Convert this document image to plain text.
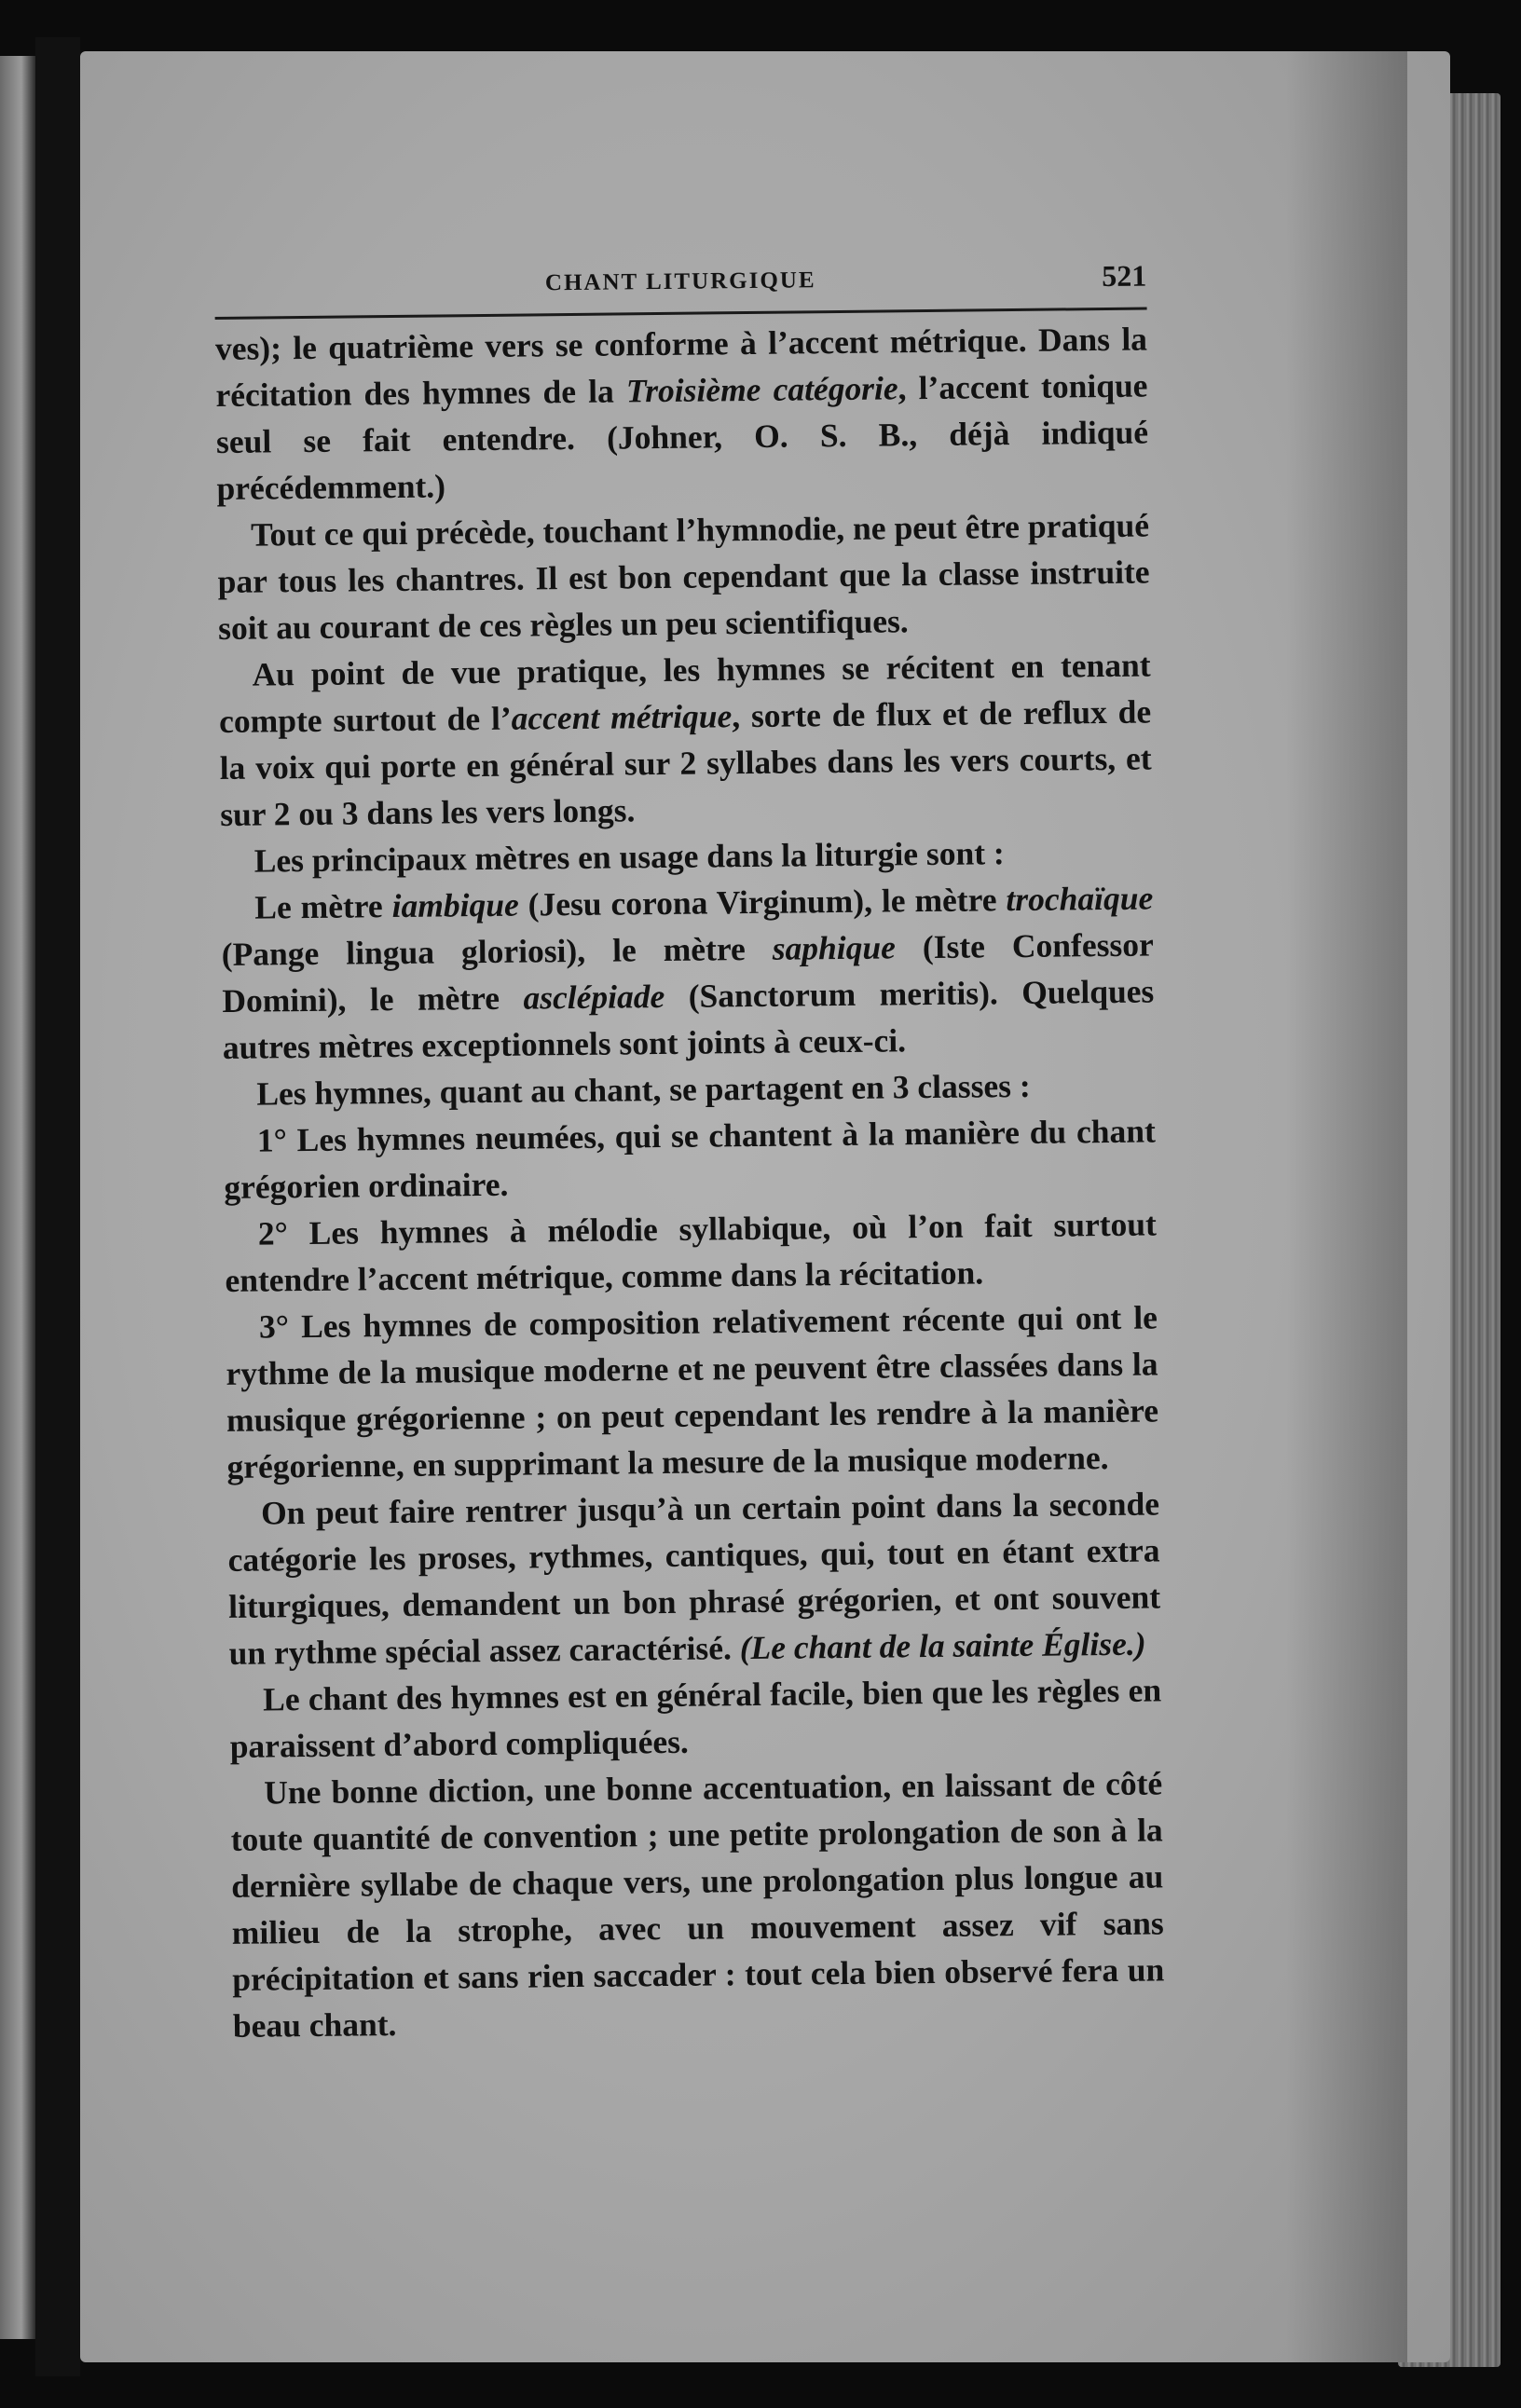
CHANT LITURGIQUE	521

ves); le quatrième vers se conforme à l’accent métrique. Dans la récitation des hymnes de la Troisième catégorie, l’accent tonique seul se fait entendre. (Johner, O. S. B., déjà indiqué précédemment.)

Tout ce qui précède, touchant l’hymnodie, ne peut être pratiqué par tous les chantres. Il est bon cependant que la classe instruite soit au courant de ces règles un peu scientifiques.

Au point de vue pratique, les hymnes se récitent en tenant compte surtout de l’accent métrique, sorte de flux et de reflux de la voix qui porte en général sur 2 syllabes dans les vers courts, et sur 2 ou 3 dans les vers longs.

Les principaux mètres en usage dans la liturgie sont :

Le mètre iambique (Jesu corona Virginum), le mètre trochaïque (Pange lingua gloriosi), le mètre saphique (Iste Confessor Domini), le mètre asclépiade (Sanctorum meritis). Quelques autres mètres exceptionnels sont joints à ceux-ci.

Les hymnes, quant au chant, se partagent en 3 classes :

1° Les hymnes neumées, qui se chantent à la manière du chant grégorien ordinaire.

2° Les hymnes à mélodie syllabique, où l’on fait surtout entendre l’accent métrique, comme dans la récitation.

3° Les hymnes de composition relativement récente qui ont le rythme de la musique moderne et ne peuvent être classées dans la musique grégorienne ; on peut cependant les rendre à la manière grégorienne, en supprimant la mesure de la musique moderne.

On peut faire rentrer jusqu’à un certain point dans la seconde catégorie les proses, rythmes, cantiques, qui, tout en étant extra liturgiques, demandent un bon phrasé grégorien, et ont souvent un rythme spécial assez caractérisé. (Le chant de la sainte Église.)

Le chant des hymnes est en général facile, bien que les règles en paraissent d’abord compliquées.

Une bonne diction, une bonne accentuation, en laissant de côté toute quantité de convention ; une petite prolongation de son à la dernière syllabe de chaque vers, une prolongation plus longue au milieu de la strophe, avec un mouvement assez vif sans précipitation et sans rien saccader : tout cela bien observé fera un beau chant.
